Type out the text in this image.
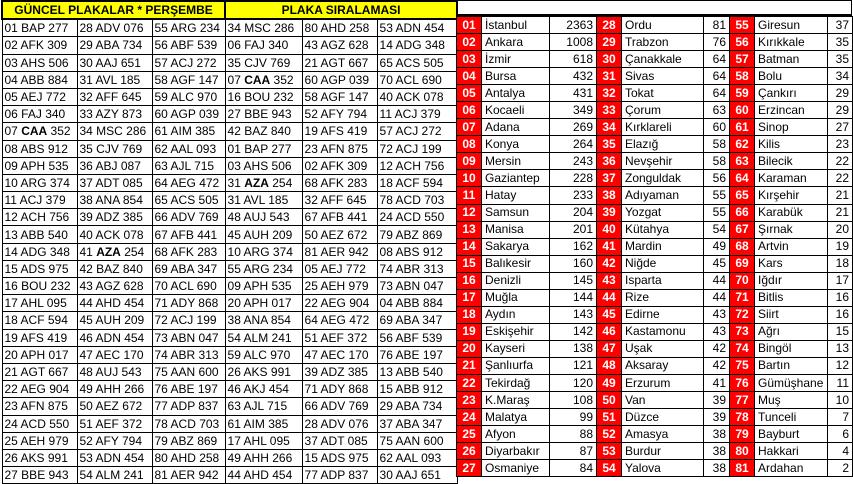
GÜNCEL PLAKALAR * PERŞEMBE			PLAKA SIRALAMASI		
01 BAP 277	28 ADV 076	55 ARG 234	34 MSC 286	80 AHD 258	53 ADN 454
02 AFK 309	29 ABA 734	56 ABF 539	06 FAJ 340	43 AGZ 628	14 ADG 348
03 AHS 506	30 AAJ 651	57 ACJ 272	35 CJV 769	21 AGT 667	65 ACS 505
04 ABB 884	31 AVL 185	58 AGF 147	07 CAA 352	60 AGP 039	70 ACL 690
05 AEJ 772	32 AFF 645	59 ALC 970	16 BOU 232	58 AGF 147	40 ACK 078
06 FAJ 340	33 AZY 873	60 AGP 039	27 BBE 943	52 AFY 794	11 ACJ 379
07 CAA 352	34 MSC 286	61 AIM 385	42 BAZ 840	19 AFS 419	57 ACJ 272
08 ABS 912	35 CJV 769	62 AAL 093	01 BAP 277	23 AFN 875	72 ACJ 199
09 APH 535	36 ABJ 087	63 AJL 715	03 AHS 506	02 AFK 309	12 ACH 756
10 ARG 374	37 ADT 085	64 AEG 472	31 AZA 254	68 AFK 283	18 ACF 594
11 ACJ 379	38 ANA 854	65 ACS 505	31 AVL 185	32 AFF 645	78 ACD 703
12 ACH 756	39 ADZ 385	66 ADV 769	48 AUJ 543	67 AFB 441	24 ACD 550
13 ABB 540	40 ACK 078	67 AFB 441	45 AUH 209	50 AEZ 672	79 ABZ 869
14 ADG 348	41 AZA 254	68 AFK 283	10 ARG 374	81 AER 942	08 ABS 912
15 ADS 975	42 BAZ 840	69 ABA 347	55 ARG 234	05 AEJ 772	74 ABR 313
16 BOU 232	43 AGZ 628	70 ACL 690	09 APH 535	25 AEH 979	73 ABN 047
17 AHL 095	44 AHD 454	71 ADY 868	20 APH 017	22 AEG 904	04 ABB 884
18 ACF 594	45 AUH 209	72 ACJ 199	38 ANA 854	64 AEG 472	69 ABA 347
19 AFS 419	46 ADN 454	73 ABN 047	54 ALM 241	51 AEF 372	56 ABF 539
20 APH 017	47 AEC 170	74 ABR 313	59 ALC 970	47 AEC 170	76 ABE 197
21 AGT 667	48 AUJ 543	75 AAN 600	26 AKS 991	39 ADZ 385	13 ABB 540
22 AEG 904	49 AHH 266	76 ABE 197	46 AKJ 454	71 ADY 868	15 ABB 912
23 AFN 875	50 AEZ 672	77 ADP 837	63 AJL 715	66 ADV 769	29 ABA 734
24 ACD 550	51 AEF 372	78 ACD 703	61 AIM 385	28 ADV 076	37 ABA 347
25 AEH 979	52 AFY 794	79 ABZ 869	17 AHL 095	37 ADT 085	75 AAN 600
26 AKS 991	53 ADN 454	80 AHD 258	49 AHH 266	15 ADS 975	62 AAL 093
27 BBE 943	54 ALM 241	81 AER 942	44 AHD 454	77 ADP 837	30 AAJ 651
01	İstanbul	2363	28	Ordu	81	55	Giresun	37
02	Ankara	1008	29	Trabzon	76	56	Kırıkkale	35
03	İzmir	618	30	Çanakkale	64	57	Batman	35
04	Bursa	432	31	Sivas	64	58	Bolu	34
05	Antalya	431	32	Tokat	64	59	Çankırı	29
06	Kocaeli	349	33	Çorum	63	60	Erzincan	29
07	Adana	269	34	Kırklareli	60	61	Sinop	27
08	Konya	264	35	Elazığ	58	62	Kilis	23
09	Mersin	243	36	Nevşehir	58	63	Bilecik	22
10	Gaziantep	228	37	Zonguldak	56	64	Karaman	22
11	Hatay	233	38	Adıyaman	55	65	Kırşehir	21
12	Samsun	204	39	Yozgat	55	66	Karabük	21
13	Manisa	201	40	Kütahya	54	67	Şırnak	20
14	Sakarya	162	41	Mardin	49	68	Artvin	19
15	Balıkesir	160	42	Niğde	45	69	Kars	18
16	Denizli	145	43	Isparta	44	70	Iğdır	17
17	Muğla	144	44	Rize	44	71	Bitlis	16
18	Aydın	143	45	Edirne	43	72	Siirt	16
19	Eskişehir	142	46	Kastamonu	43	73	Ağrı	15
20	Kayseri	138	47	Uşak	42	74	Bingöl	13
21	Şanlıurfa	121	48	Aksaray	42	75	Bartın	12
22	Tekirdağ	120	49	Erzurum	41	76	Gümüşhane	11
23	K.Maraş	108	50	Van	39	77	Muş	10
24	Malatya	99	51	Düzce	39	78	Tunceli	7
25	Afyon	88	52	Amasya	38	79	Bayburt	6
26	Diyarbakır	87	53	Burdur	38	80	Hakkari	4
27	Osmaniye	84	54	Yalova	38	81	Ardahan	2
